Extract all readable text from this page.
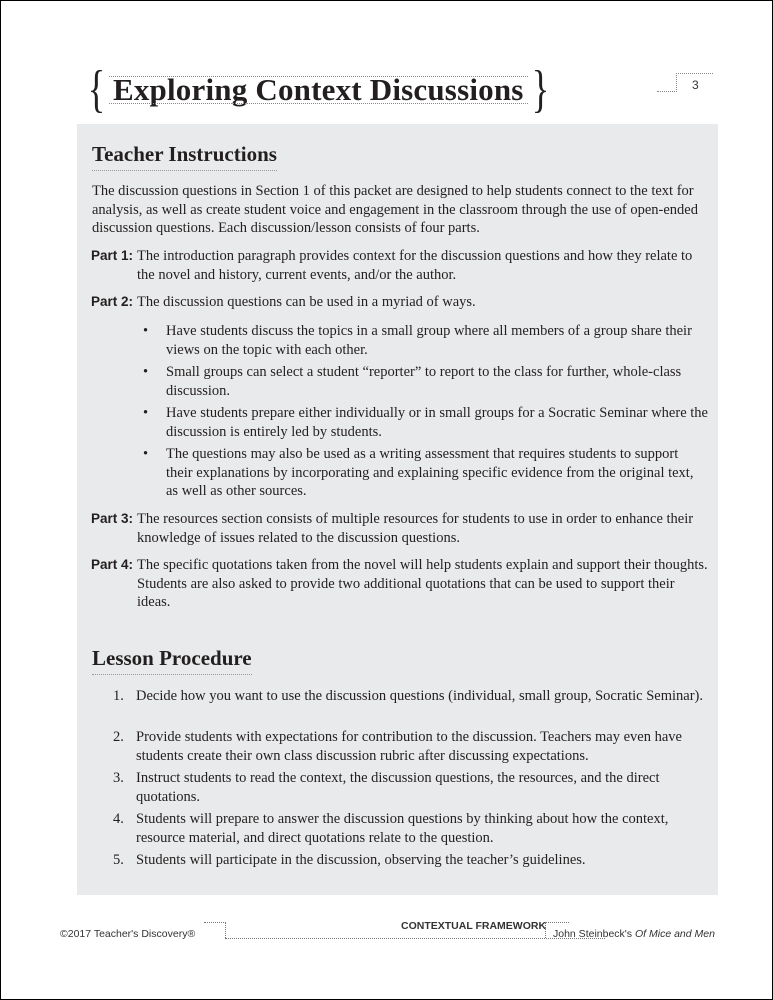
{ Exploring Context Discussions }	3
Teacher Instructions
The discussion questions in Section 1 of this packet are designed to help students connect to the text for analysis, as well as create student voice and engagement in the classroom through the use of open-ended discussion questions. Each discussion/lesson consists of four parts.
Part 1: The introduction paragraph provides context for the discussion questions and how they relate to the novel and history, current events, and/or the author.
Part 2: The discussion questions can be used in a myriad of ways.
•	Have students discuss the topics in a small group where all members of a group share their views on the topic with each other.
•	Small groups can select a student “reporter” to report to the class for further, whole-class discussion.
•	Have students prepare either individually or in small groups for a Socratic Seminar where the discussion is entirely led by students.
•	The questions may also be used as a writing assessment that requires students to support their explanations by incorporating and explaining specific evidence from the original text, as well as other sources.
Part 3: The resources section consists of multiple resources for students to use in order to enhance their knowledge of issues related to the discussion questions.
Part 4: The specific quotations taken from the novel will help students explain and support their thoughts. Students are also asked to provide two additional quotations that can be used to support their ideas.
Lesson Procedure
1. Decide how you want to use the discussion questions (individual, small group, Socratic Seminar).
2. Provide students with expectations for contribution to the discussion. Teachers may even have students create their own class discussion rubric after discussing expectations.
3. Instruct students to read the context, the discussion questions, the resources, and the direct quotations.
4. Students will prepare to answer the discussion questions by thinking about how the context, resource material, and direct quotations relate to the question.
5. Students will participate in the discussion, observing the teacher’s guidelines.
©2017 Teacher's Discovery®
CONTEXTUAL FRAMEWORK
John Steinbeck's Of Mice and Men
